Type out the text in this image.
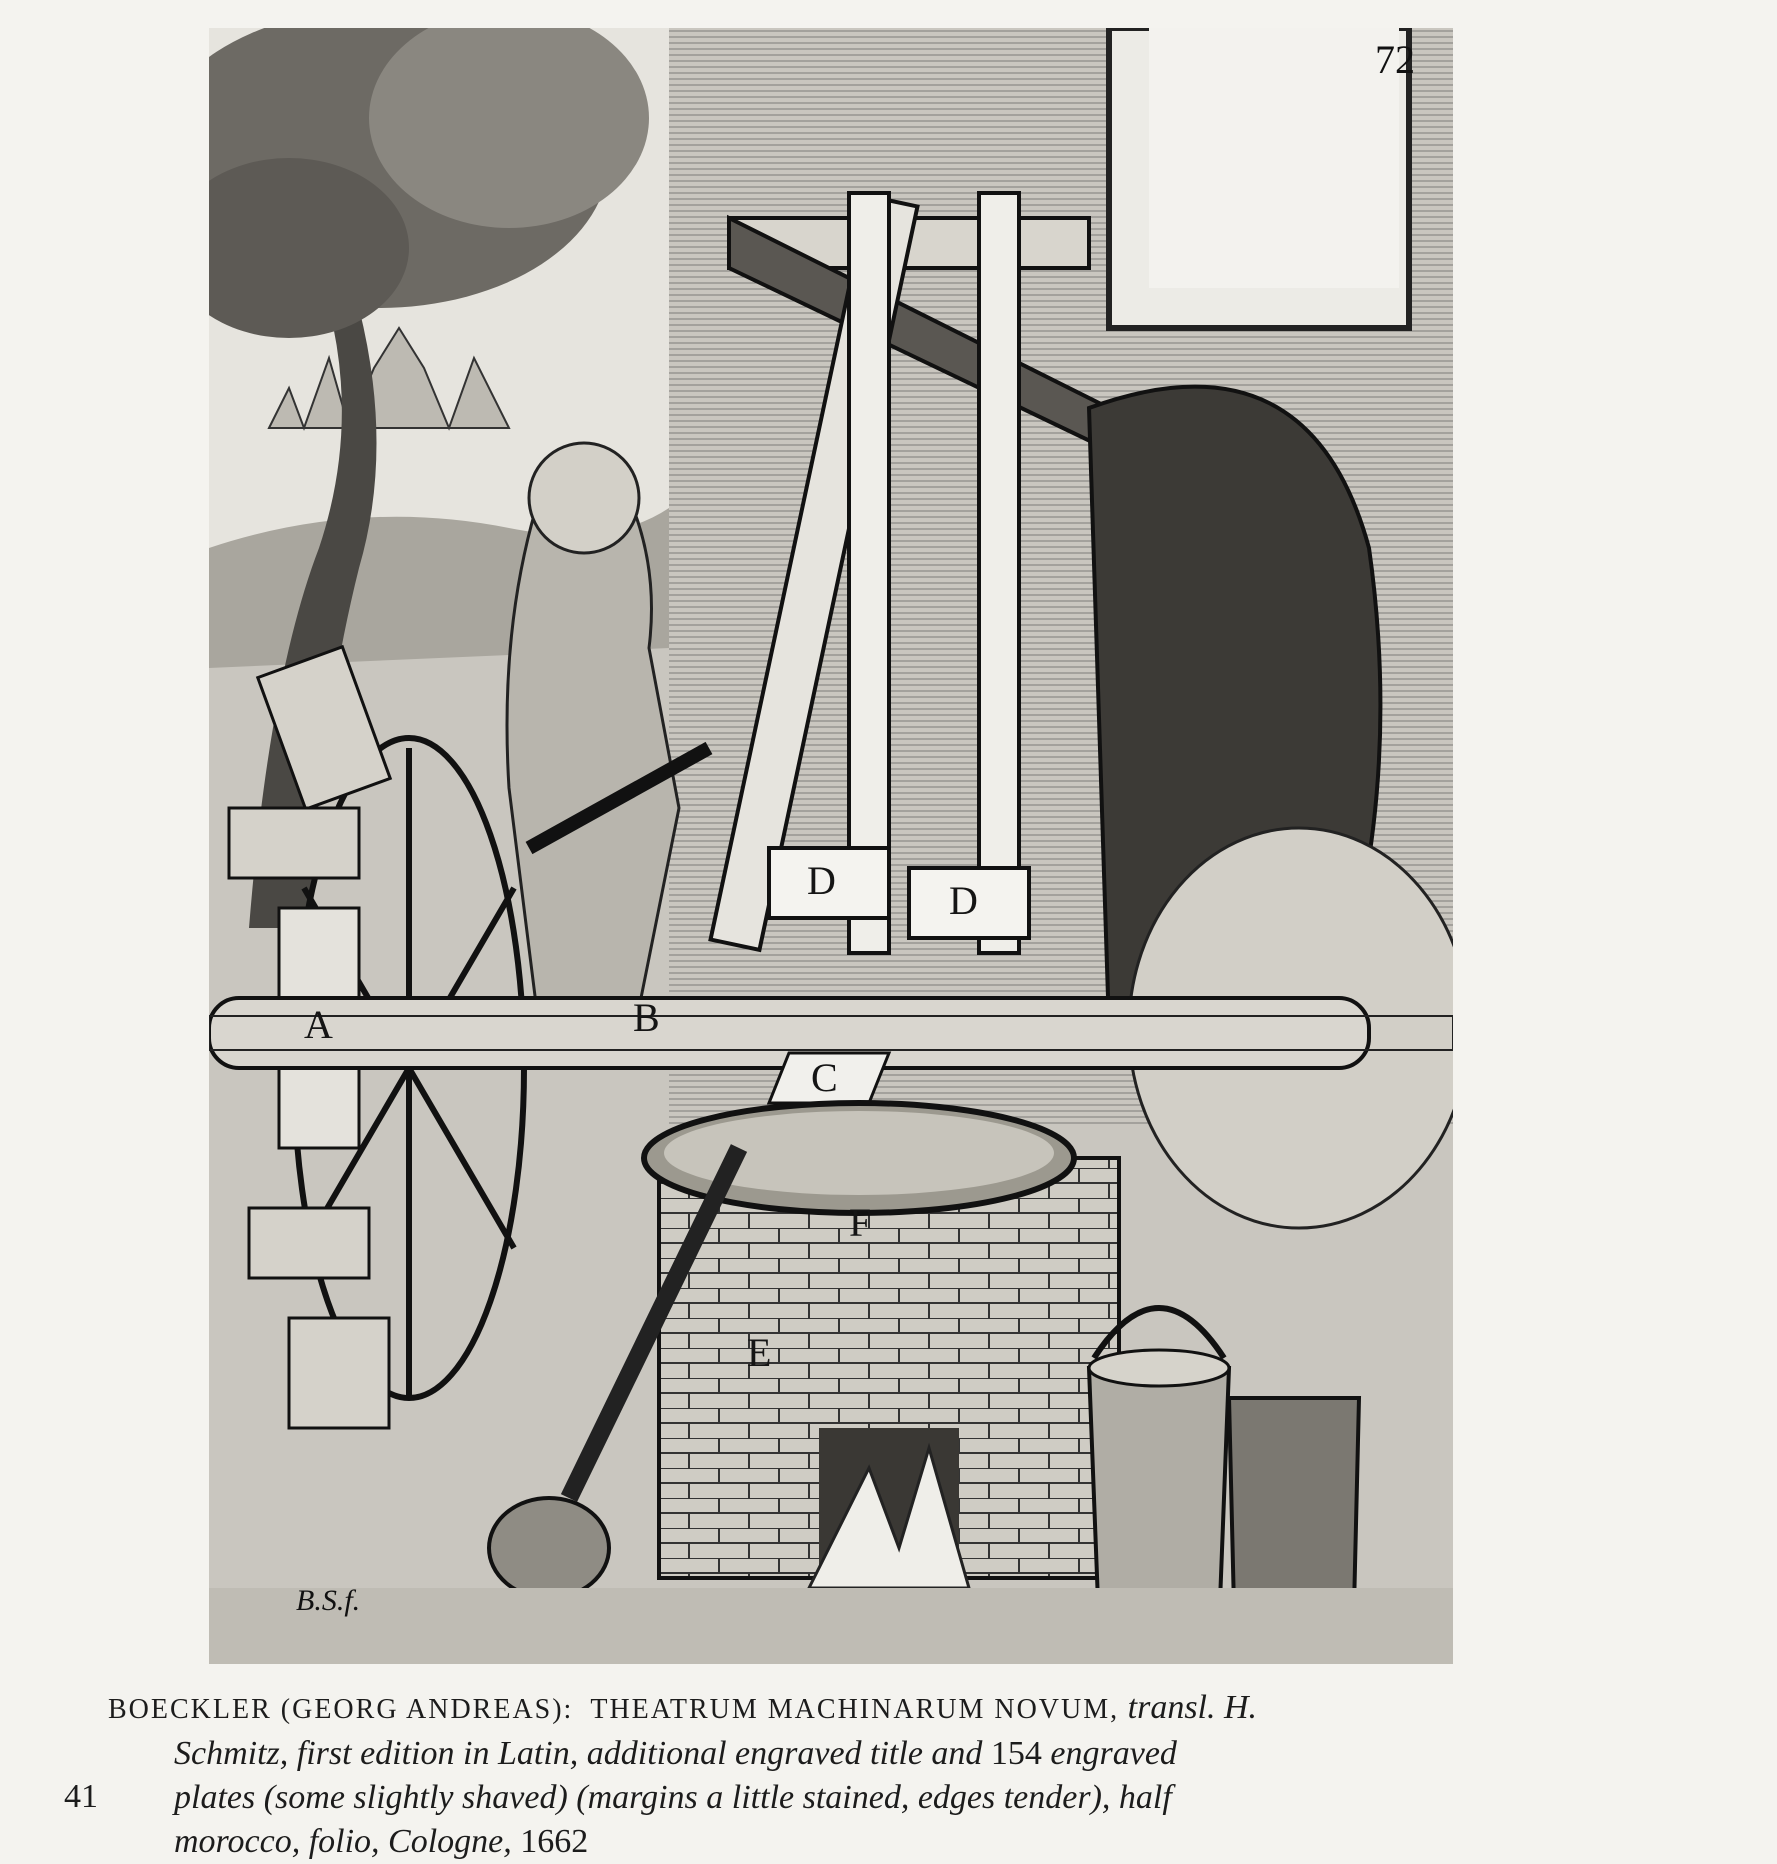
A	B
C
D	D
E
F
72
B.S.f.
BOECKLER (GEORG ANDREAS): THEATRUM MACHINARUM NOVUM, transl. H.
Schmitz, first edition in Latin, additional engraved title and 154 engraved
plates (some slightly shaved) (margins a little stained, edges tender), half
morocco, folio, Cologne, 1662
41
